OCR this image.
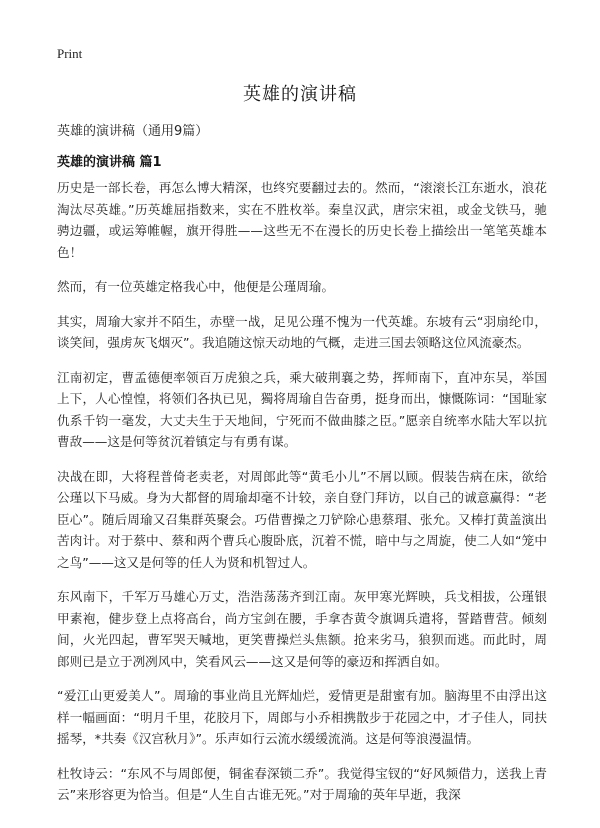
Print
英雄的演讲稿
英雄的演讲稿（通用9篇）
英雄的演讲稿 篇1

历史是一部长卷，再怎么博大精深，也终究要翻过去的。然而，“滚滚长江东逝水，浪花淘汰尽英雄。”历英雄屈指数来，实在不胜枚举。秦皇汉武，唐宗宋祖，或金戈铁马，驰骋边疆，或运筹帷幄，旗开得胜——这些无不在漫长的历史长卷上描绘出一笔笔英雄本色！

然而，有一位英雄定格我心中，他便是公瑾周瑜。

其实，周瑜大家并不陌生，赤壁一战，足见公瑾不愧为一代英雄。东坡有云“羽扇纶巾，谈笑间，强虏灰飞烟灭”。我追随这惊天动地的气概，走进三国去领略这位风流豪杰。

江南初定，曹孟德便率领百万虎狼之兵，乘大破荆襄之势，挥师南下，直冲东吴，举国上下，人心惶惶，将领们各执已见，獨将周瑜自告奋勇，挺身而出，慷慨陈词：“国耻家仇系千钧一毫发，大丈夫生于天地间，宁死而不做曲膝之臣。”愿亲自统率水陆大军以抗曹敌——这是何等贫沉着镇定与有勇有谋。

决战在即，大将程普倚老卖老，对周郎此等“黄毛小儿”不屑以顾。假装告病在床，欲给公瑾以下马威。身为大都督的周瑜却毫不计较，亲自登门拜访，以自己的诚意赢得：“老臣心”。随后周瑜又召集群英聚会。巧借曹操之刀铲除心患蔡瑁、张允。又棒打黄盖演出苦肉计。对于蔡中、蔡和两个曹兵心腹卧底，沉着不慌，暗中与之周旋，使二人如“笼中之鸟”——这又是何等的任人为贤和机智过人。

东风南下，千军万马雄心万丈，浩浩荡荡齐到江南。灰甲寒光辉映，兵戈相拔，公瑾银甲素袍，健步登上点将高台，尚方宝剑在腰，手拿杏黄令旗调兵遣将，誓踏曹营。倾刻间，火光四起，曹军哭天喊地，更笑曹操烂头焦额。抢来劣马，狼狈而逃。而此时，周郎则已是立于冽冽风中，笑看风云——这又是何等的豪迈和挥洒自如。

“爱江山更爱美人”。周瑜的事业尚且光辉灿烂，爱情更是甜蜜有加。脑海里不由浮出这样一幅画面：“明月千里，花胶月下，周郎与小乔相携散步于花园之中，才子佳人，同扶摇琴，*共奏《汉宫秋月》”。乐声如行云流水缓缓流淌。这是何等浪漫温情。

杜牧诗云：“东风不与周郎便，铜雀春深锁二乔”。我觉得宝钗的“好风频借力，送我上青云”来形容更为恰当。但是“人生自古谁无死。”对于周瑜的英年早逝，我深
